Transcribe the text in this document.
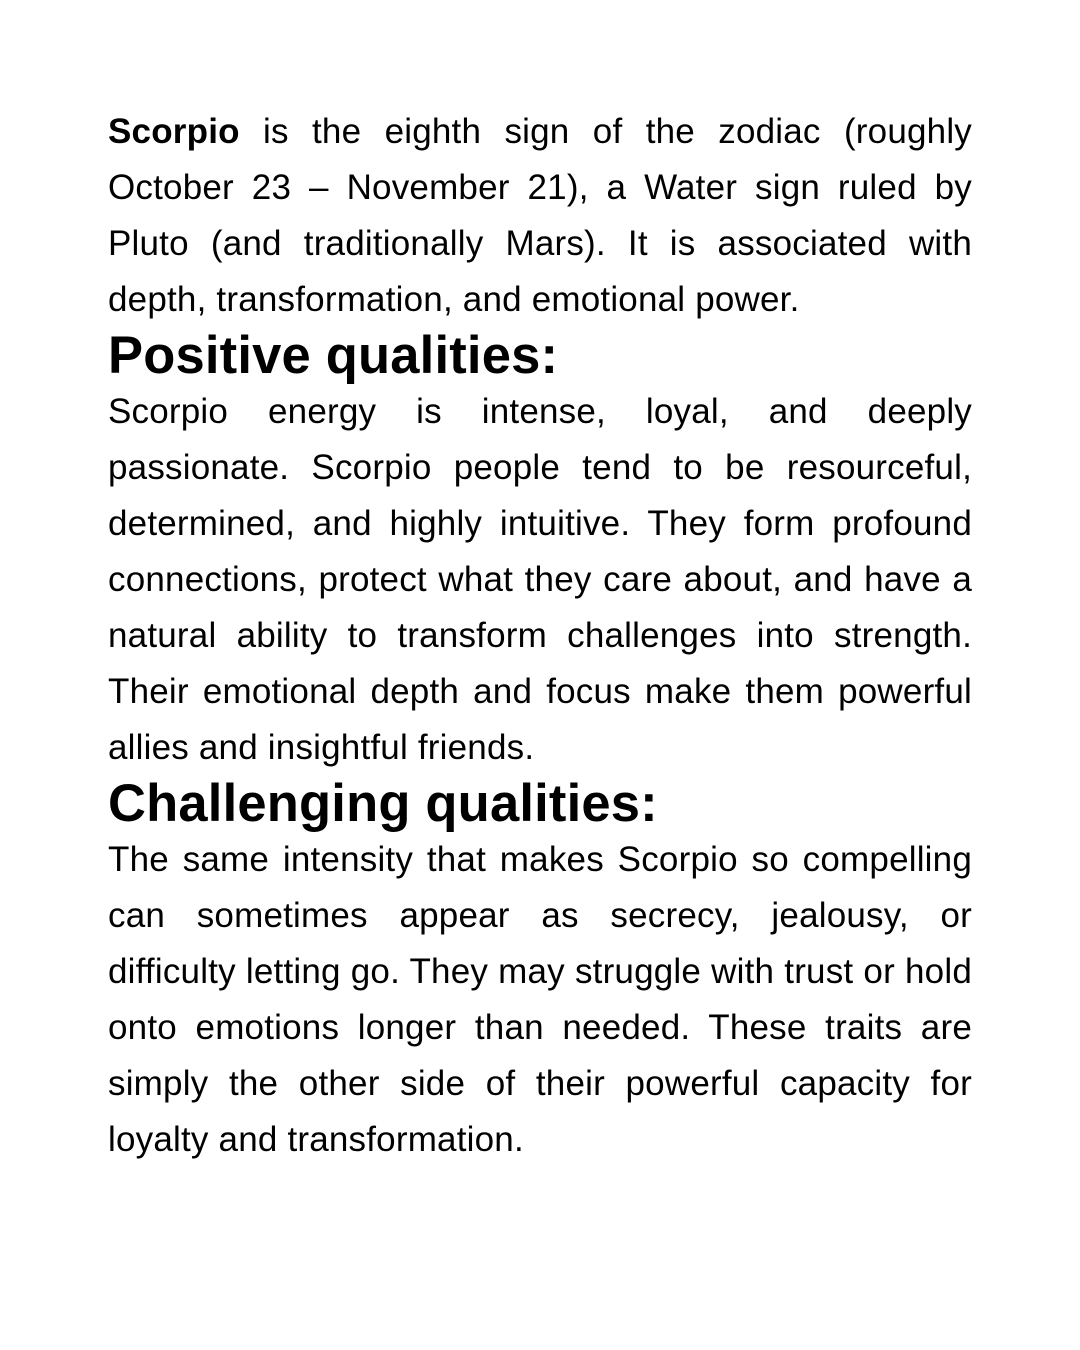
Scorpio is the eighth sign of the zodiac (roughly October 23 – November 21), a Water sign ruled by Pluto (and traditionally Mars). It is associated with depth, transformation, and emotional power.

Positive qualities:

Scorpio energy is intense, loyal, and deeply passionate. Scorpio people tend to be resourceful, determined, and highly intuitive. They form profound connections, protect what they care about, and have a natural ability to transform challenges into strength. Their emotional depth and focus make them powerful allies and insightful friends.

Challenging qualities:

The same intensity that makes Scorpio so compelling can sometimes appear as secrecy, jealousy, or difficulty letting go. They may struggle with trust or hold onto emotions longer than needed. These traits are simply the other side of their powerful capacity for loyalty and transformation.
